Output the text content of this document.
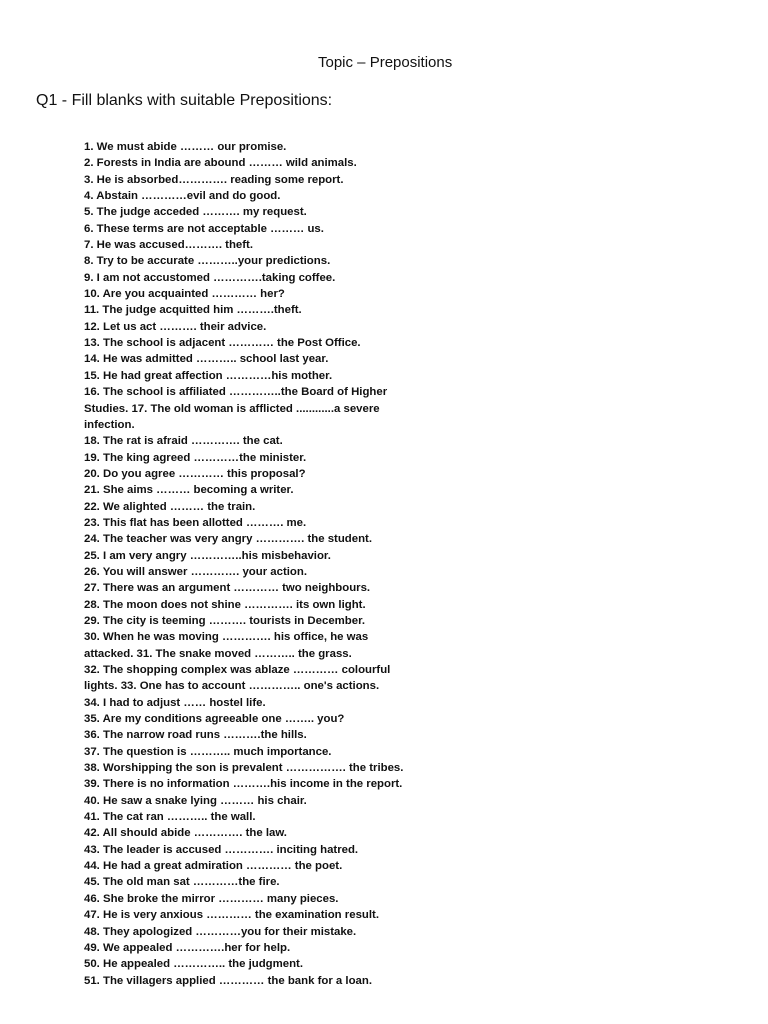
Topic – Prepositions
Q1 - Fill blanks with suitable Prepositions:
1. We must abide ……… our promise.
2. Forests in India are abound ……… wild animals.
3. He is absorbed…………. reading some report.
4. Abstain …………evil and do good.
5. The judge acceded ………. my request.
6. These terms are not acceptable ……… us.
7. He was accused………. theft.
8. Try to be accurate ………..your predictions.
9. I am not accustomed ………….taking coffee.
10. Are you acquainted ………… her?
11. The judge acquitted him ……….theft.
12. Let us act ………. their advice.
13. The school is adjacent ………… the Post Office.
14. He was admitted ……….. school last year.
15. He had great affection …………his mother.
16. The school is affiliated …………..the Board of Higher
Studies. 17. The old woman is afflicted ............a severe
infection.
18. The rat is afraid …………. the cat.
19. The king agreed …………the minister.
20. Do you agree ………… this proposal?
21. She aims ……… becoming a writer.
22. We alighted ……… the train.
23. This flat has been allotted ………. me.
24. The teacher was very angry …………. the student.
25. I am very angry …………..his misbehavior.
26. You will answer …………. your action.
27. There was an argument ………… two neighbours.
28. The moon does not shine …………. its own light.
29. The city is teeming ………. tourists in December.
30. When he was moving …………. his office, he was
attacked. 31. The snake moved ……….. the grass.
32. The shopping complex was ablaze ………… colourful
lights. 33. One has to account ………….. one's actions.
34. I had to adjust …… hostel life.
35. Are my conditions agreeable one …….. you?
36. The narrow road runs ……….the hills.
37. The question is ……….. much importance.
38. Worshipping the son is prevalent ……………. the tribes.
39. There is no information ……….his income in the report.
40. He saw a snake lying ……… his chair.
41. The cat ran ……….. the wall.
42. All should abide …………. the law.
43. The leader is accused …………. inciting hatred.
44. He had a great admiration ………… the poet.
45. The old man sat …………the fire.
46. She broke the mirror ………… many pieces.
47. He is very anxious ………… the examination result.
48. They apologized …………you for their mistake.
49. We appealed ………….her for help.
50. He appealed ………….. the judgment.
51. The villagers applied ………… the bank for a loan.
